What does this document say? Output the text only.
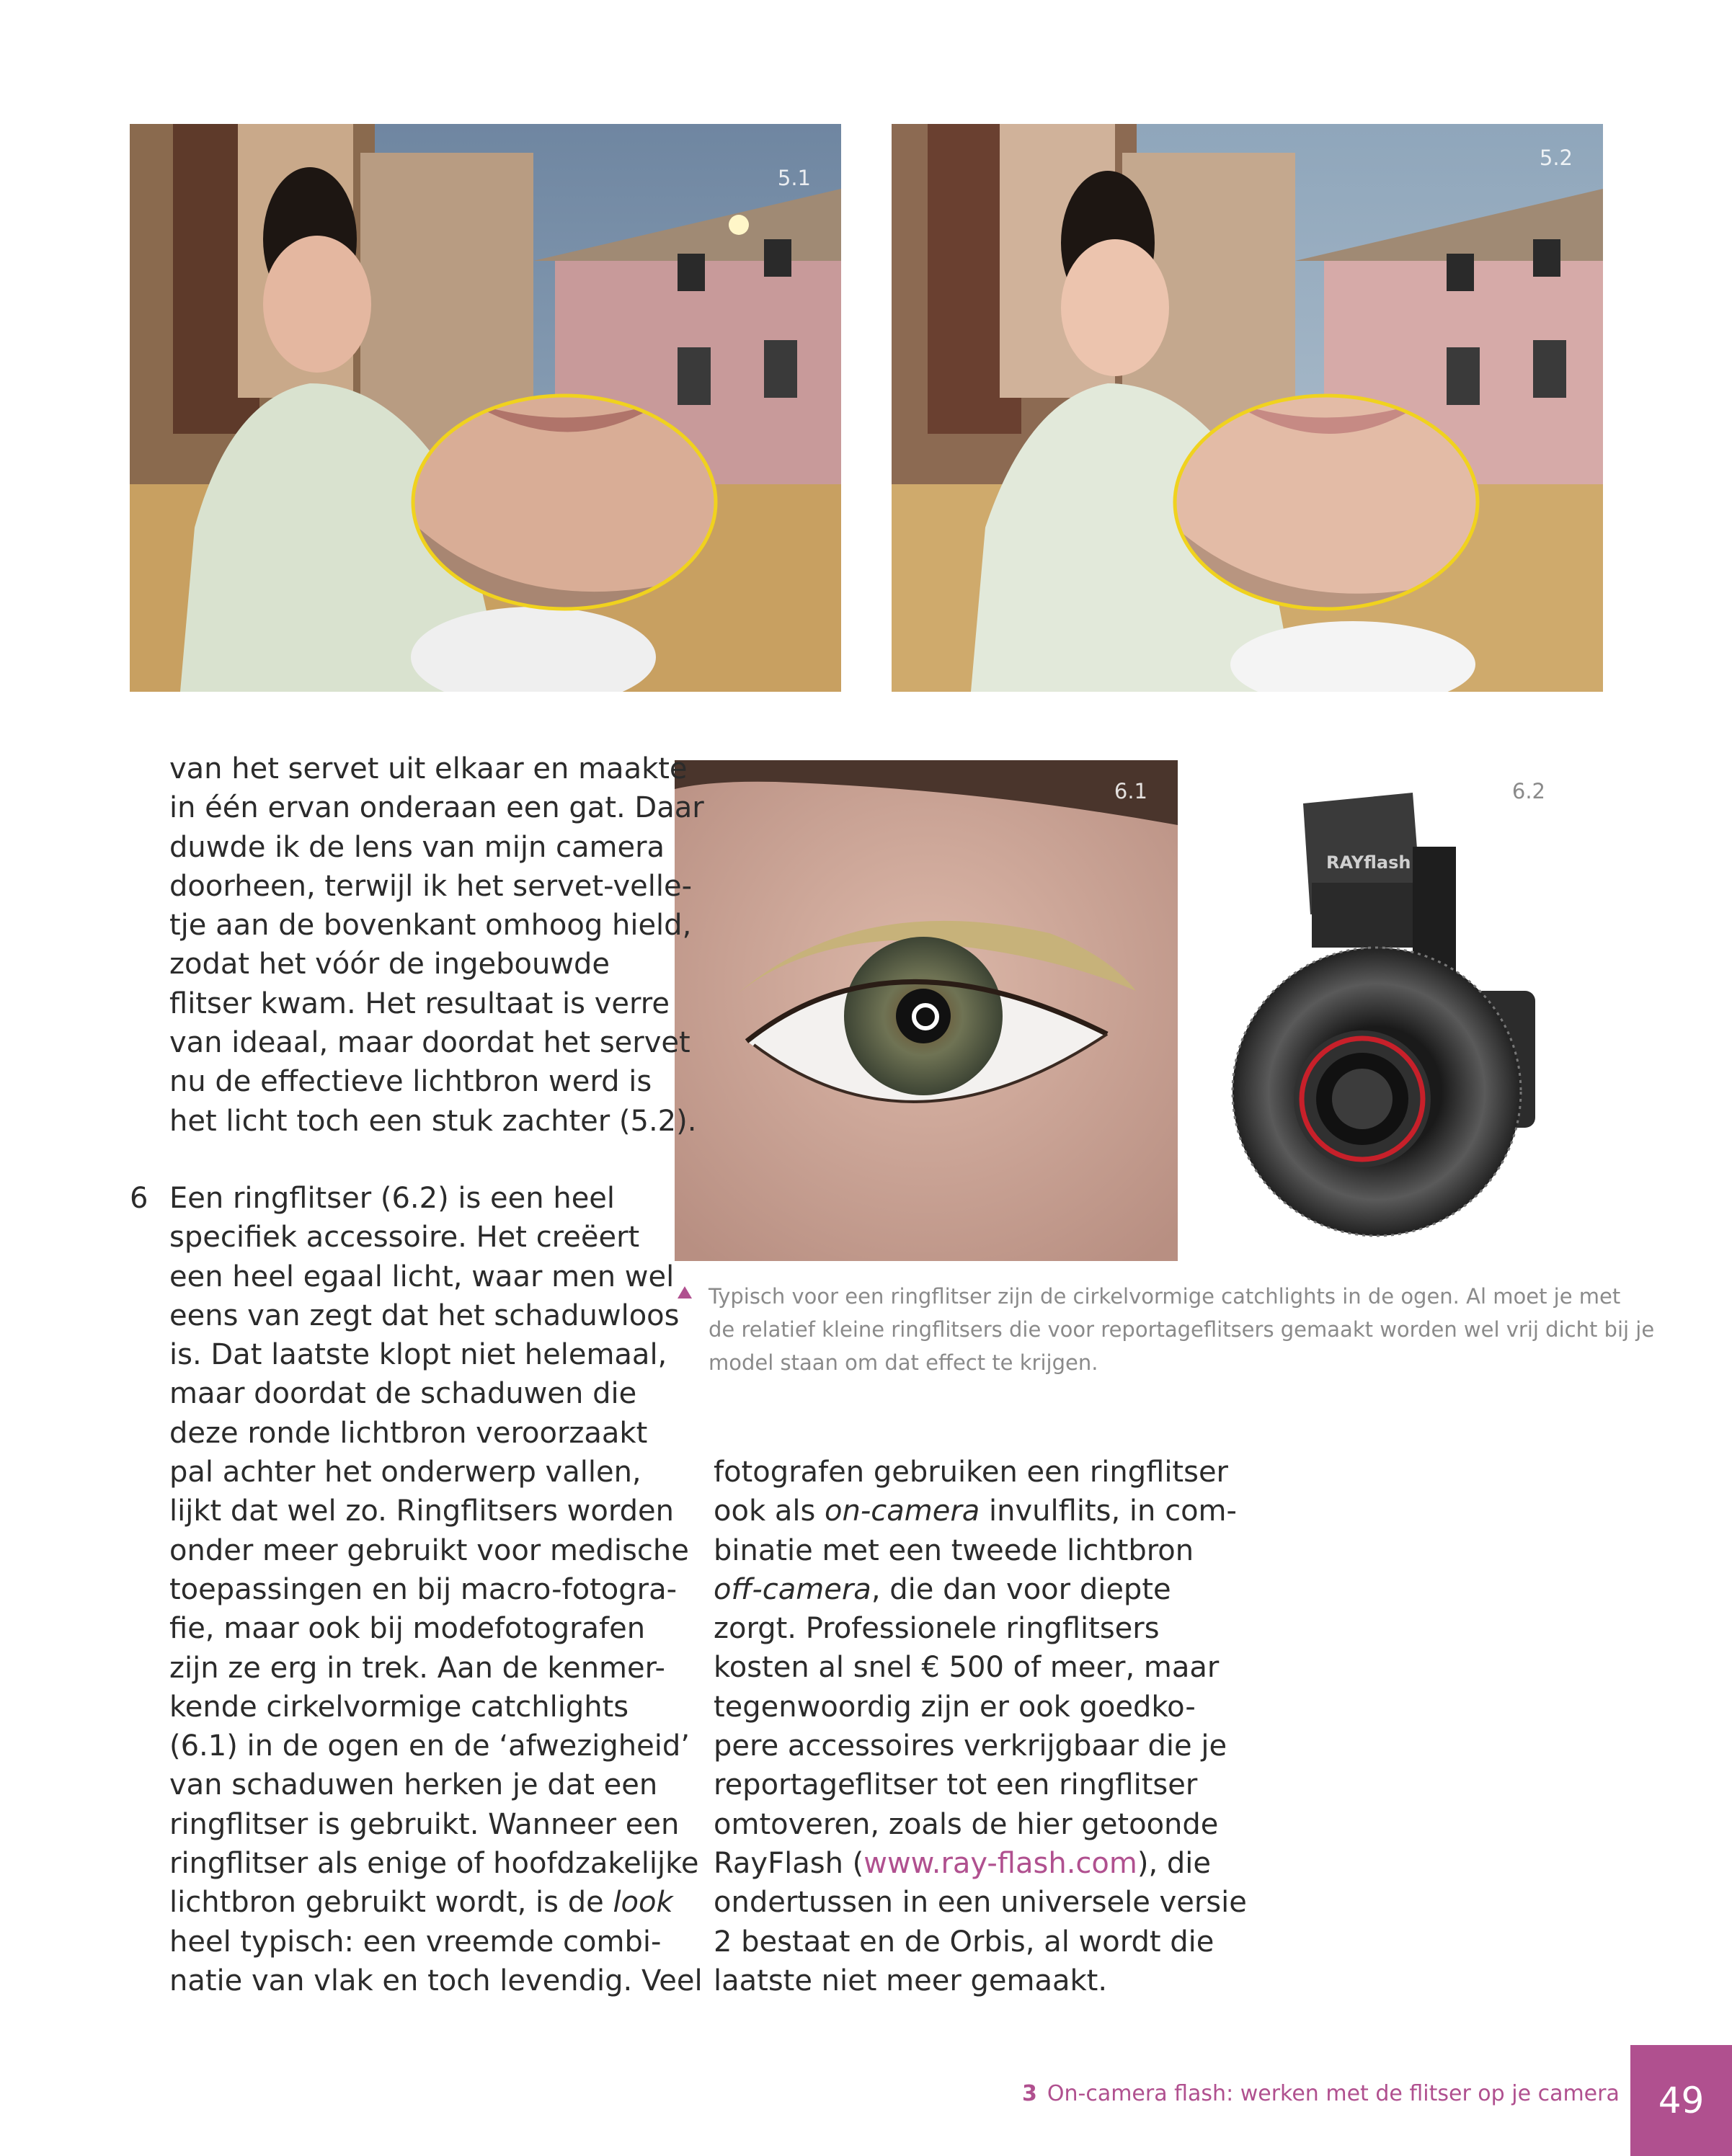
5.1
5.2
6.1
RAYflash
6.2
Typisch voor een ringflitser zijn de cirkelvormige catchlights in de ogen. Al moet je met
de relatief kleine ringflitsers die voor reportageflitsers gemaakt worden wel vrij dicht bij je
model staan om dat effect te krijgen.
van het servet uit elkaar en maakte
in één ervan onderaan een gat. Daar
duwde ik de lens van mijn camera
doorheen, terwijl ik het servet-velle-
tje aan de bovenkant omhoog hield,
zodat het vóór de ingebouwde
flitser kwam. Het resultaat is verre
van ideaal, maar doordat het servet
nu de effectieve lichtbron werd is
het licht toch een stuk zachter (5.2).
6 Een ringflitser (6.2) is een heel
specifiek accessoire. Het creëert
een heel egaal licht, waar men wel
eens van zegt dat het schaduwloos
is. Dat laatste klopt niet helemaal,
maar doordat de schaduwen die
deze ronde lichtbron veroorzaakt
pal achter het onderwerp vallen,
lijkt dat wel zo. Ringflitsers worden
onder meer gebruikt voor medische
toepassingen en bij macro-fotogra-
fie, maar ook bij modefotografen
zijn ze erg in trek. Aan de kenmer-
kende cirkelvormige catchlights
(6.1) in de ogen en de ‘afwezigheid’
van schaduwen herken je dat een
ringflitser is gebruikt. Wanneer een
ringflitser als enige of hoofdzakelijke
lichtbron gebruikt wordt, is de look
heel typisch: een vreemde combi-
natie van vlak en toch levendig. Veel
fotografen gebruiken een ringflitser
ook als on-camera invulflits, in com-
binatie met een tweede lichtbron
off-camera, die dan voor diepte
zorgt. Professionele ringflitsers
kosten al snel € 500 of meer, maar
tegenwoordig zijn er ook goedko-
pere accessoires verkrijgbaar die je
reportageflitser tot een ringflitser
omtoveren, zoals de hier getoonde
RayFlash (www.ray-flash.com), die
ondertussen in een universele versie
2 bestaat en de Orbis, al wordt die
laatste niet meer gemaakt.
3 On-camera flash: werken met de flitser op je camera	49
